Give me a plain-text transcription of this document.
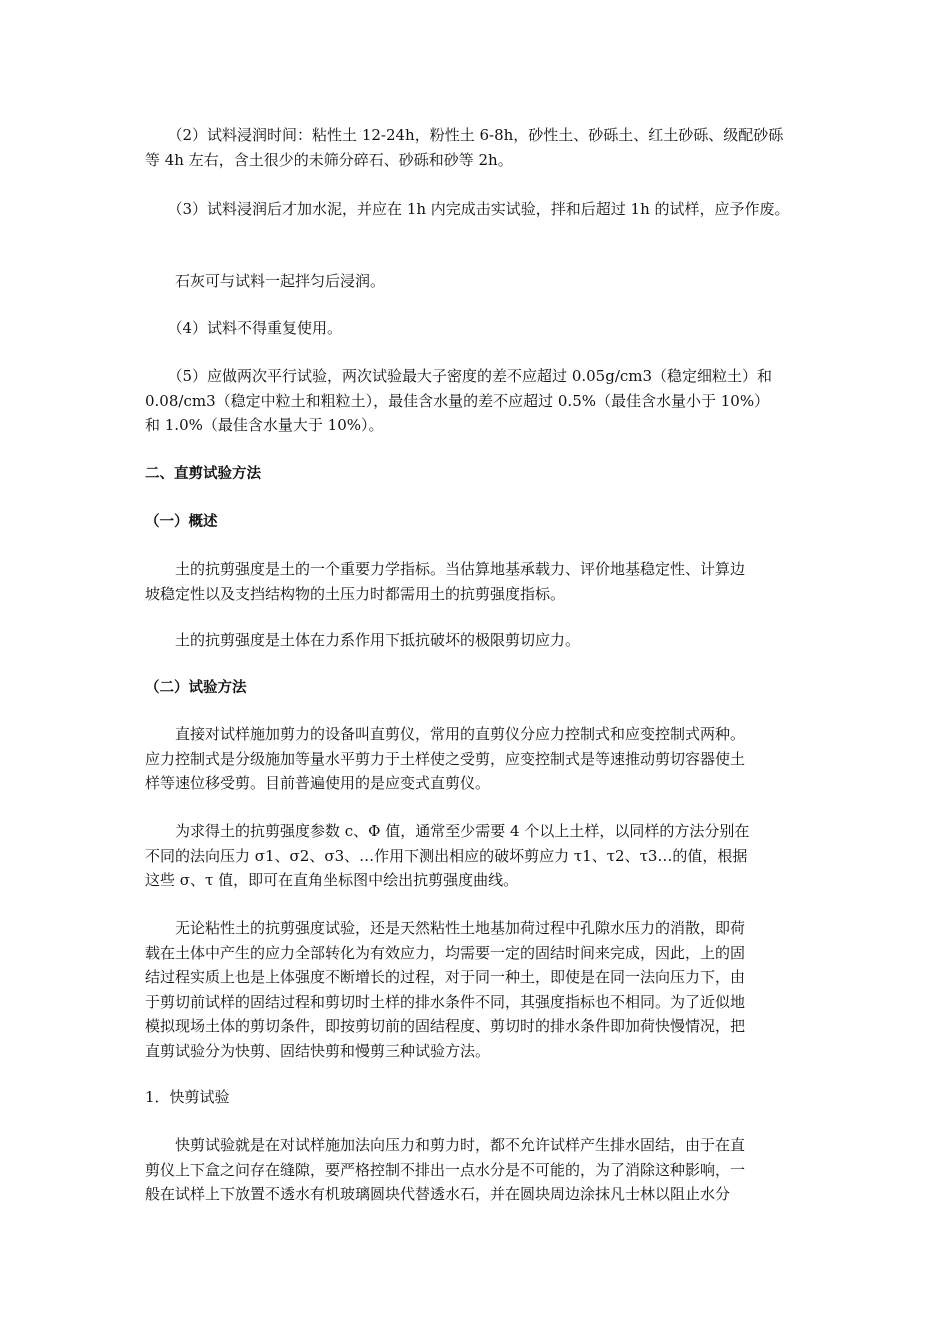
　　（2）试料浸润时间：粘性土 12-24h，粉性土 6-8h，砂性土、砂砾土、红土砂砾、级配砂砾
等 4h 左右，含土很少的未筛分碎石、砂砾和砂等 2h。

　　（3）试料浸润后才加水泥，并应在 1h 内完成击实试验，拌和后超过 1h 的试样，应予作废。

　　石灰可与试料一起拌匀后浸润。

　　（4）试料不得重复使用。

　　（5）应做两次平行试验，两次试验最大子密度的差不应超过 0.05g/cm3（稳定细粒土）和
0.08/cm3（稳定中粒土和粗粒土），最佳含水量的差不应超过 0.5%（最佳含水量小于 10%）
和 1.0%（最佳含水量大于 10%）。

二、直剪试验方法

（一）概述

　　土的抗剪强度是土的一个重要力学指标。当估算地基承载力、评价地基稳定性、计算边
坡稳定性以及支挡结构物的土压力时都需用土的抗剪强度指标。

　　土的抗剪强度是土体在力系作用下抵抗破坏的极限剪切应力。

（二）试验方法

　　直接对试样施加剪力的设备叫直剪仪，常用的直剪仪分应力控制式和应变控制式两种。
应力控制式是分级施加等量水平剪力于土样使之受剪，应变控制式是等速推动剪切容器使土
样等速位移受剪。目前普遍使用的是应变式直剪仪。

　　为求得土的抗剪强度参数 c、Φ 值，通常至少需要 4 个以上土样，以同样的方法分别在
不同的法向压力 σ1、σ2、σ3、…作用下测出相应的破坏剪应力 τ1、τ2、τ3…的值，根据
这些 σ、τ 值，即可在直角坐标图中绘出抗剪强度曲线。

　　无论粘性土的抗剪强度试验，还是天然粘性土地基加荷过程中孔隙水压力的消散，即荷
载在土体中产生的应力全部转化为有效应力，均需要一定的固结时间来完成，因此，上的固
结过程实质上也是上体强度不断增长的过程，对于同一种土，即使是在同一法向压力下，由
于剪切前试样的固结过程和剪切时土样的排水条件不同，其强度指标也不相同。为了近似地
模拟现场土体的剪切条件，即按剪切前的固结程度、剪切时的排水条件即加荷快慢情况，把
直剪试验分为快剪、固结快剪和慢剪三种试验方法。

1．快剪试验

　　快剪试验就是在对试样施加法向压力和剪力时，都不允许试样产生排水固结，由于在直
剪仪上下盒之问存在缝隙，要严格控制不排出一点水分是不可能的，为了消除这种影响，一
般在试样上下放置不透水有机玻璃圆块代替透水石，并在圆块周边涂抹凡士林以阻止水分
